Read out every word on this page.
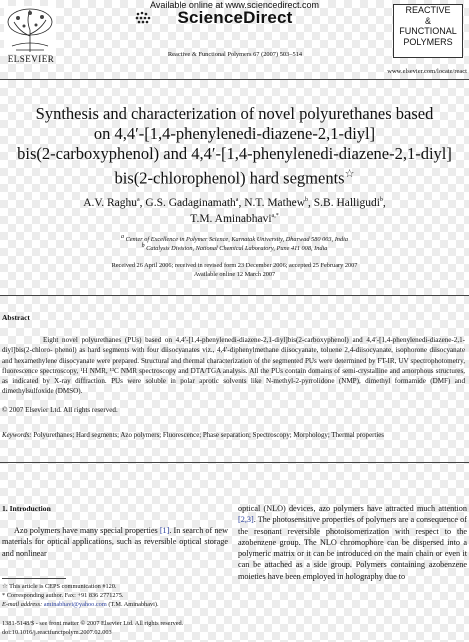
Available online at www.sciencedirect.com
ScienceDirect
Reactive & Functional Polymers 67 (2007) 503–514
ELSEVIER
REACTIVE
&
FUNCTIONAL
POLYMERS
www.elsevier.com/locate/react
Synthesis and characterization of novel polyurethanes based
on 4,4′-[1,4-phenylenedi-diazene-2,1-diyl]
bis(2-carboxyphenol) and 4,4′-[1,4-phenylenedi-diazene-2,1-diyl]
bis(2-chlorophenol) hard segments☆
A.V. Raghu$^a$, G.S. Gadaginamath$^a$, N.T. Mathew$^b$, S.B. Halligudi$^b$,
T.M. Aminabhavi$^{a,*}$
$^a$ Center of Excellence in Polymer Science, Karnatak University, Dharwad 580 003, India
$^b$ Catalysis Division, National Chemical Laboratory, Pune 411 008, India
Received 26 April 2006; received in revised form 23 December 2006; accepted 25 February 2007
Available online 12 March 2007
Abstract
Eight novel polyurethanes (PUs) based on 4,4′-[1,4-phenylenedi-diazene-2,1-diyl]bis(2-carboxyphenol) and 4,4′-[1,4-phenylenedi-diazene-2,1-diyl]bis(2-chloro- phenol) as hard segments with four diisocyanates viz., 4,4′-diphenylmethane diisocyanate, toluene 2,4-diisocyanate, isophorone diisocyanate and hexamethylene diisocyanate were prepared. Structural and thermal characterization of the segmented PUs were determined by FT-IR, UV spectrophotometry, fluorescence spectroscopy, ¹H NMR, ¹³C NMR spectroscopy and DTA/TGA analysis. All the PUs contain domains of semi-crystalline and amorphous structures, as indicated by X-ray diffraction. PUs were soluble in polar aprotic solvents like N-methyl-2-pyrrolidone (NMP), dimethyl formamide (DMF) and dimethylsulfoxide (DMSO).
© 2007 Elsevier Ltd. All rights reserved.
Keywords: Polyurethanes; Hard segments; Azo polymers; Fluorescence; Phase separation; Spectroscopy; Morphology; Thermal properties
1. Introduction
Azo polymers have many special properties [1]. In search of new materials for optical applications, such as reversible optical storage and nonlinear
optical (NLO) devices, azo polymers have attracted much attention [2,3]. The photosensitive properties of polymers are a consequence of the resonant reversible photoisomerization with respect to the azobenzene group. The NLO chromophore can be dispersed into a polymeric matrix or it can be introduced on the main chain or even it can be attached as a side group. Polymers containing azobenzene moieties have been employed in holography due to
☆ This article is CEPS communication #120.
* Corresponding author. Fax: +91 836 2771275.
E-mail address: aminabhavi@yahoo.com (T.M. Aminabhavi).
1381-5148/$ - see front matter © 2007 Elsevier Ltd. All rights reserved.
doi:10.1016/j.reactfunctpolym.2007.02.003
